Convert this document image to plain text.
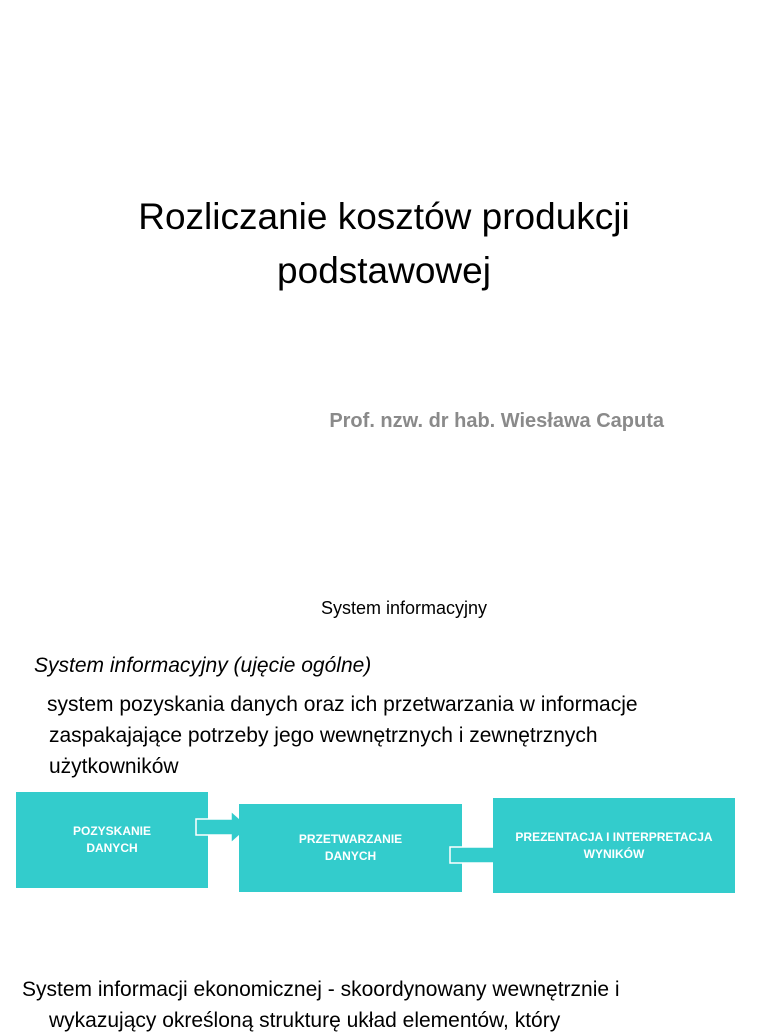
Rozliczanie kosztów produkcji
podstawowej
Prof. nzw. dr hab. Wiesława Caputa
System informacyjny
System informacyjny (ujęcie ogólne)
system pozyskania danych oraz ich przetwarzania w informacje
zaspakajające potrzeby jego wewnętrznych i zewnętrznych
użytkowników
POZYSKANIE
DANYCH
PRZETWARZANIE
DANYCH
PREZENTACJA I INTERPRETACJA
WYNIKÓW
System informacji ekonomicznej - skoordynowany wewnętrznie i
wykazujący określoną strukturę układ elementów, który
